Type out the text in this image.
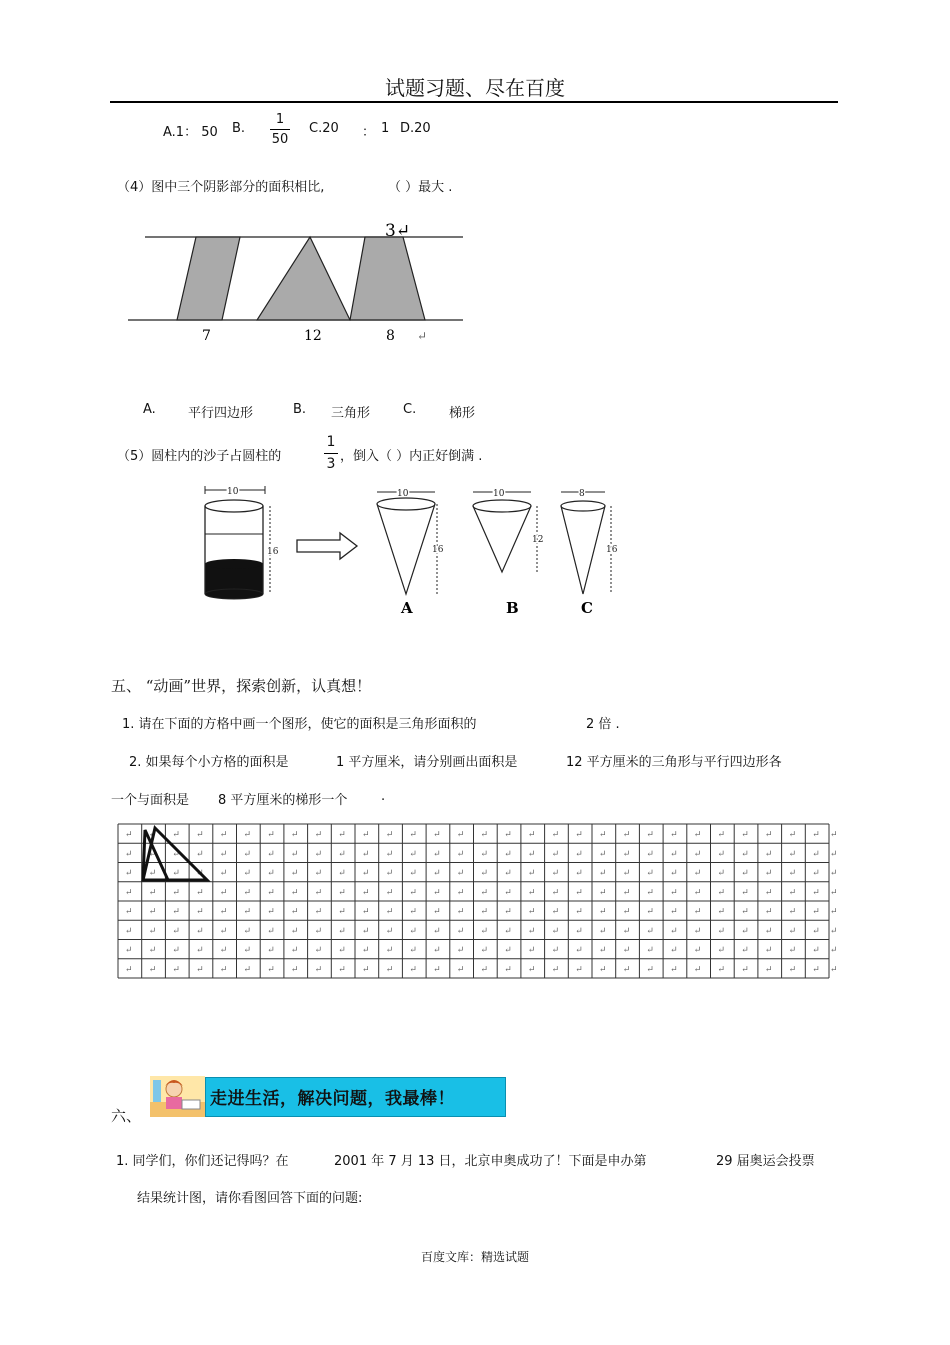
试题习题、尽在百度
A.1： 50 B.
1
50
C.20 ： 1 D.20
（4）图中三个阴影部分的面积相比,	（ ）最大 .
3↵
7	12	8 ↵
A. 平行四边形	B. 三角形	C.	梯形
（5）圆柱内的沙子占圆柱的
1
3 ，倒入（ ）内正好倒满 .
10
16
10
16
A
10
12
B
8
16
C
五、 “动画”世界，探索创新，认真想！
1. 请在下面的方格中画一个图形，使它的面积是三角形面积的	2 倍 .
2. 如果每个小方格的面积是	1 平方厘米，请分别画出面积是	12 平方厘米的三角形与平行四边形各
一个与面积是 8 平方厘米的梯形一个	.
↵ ↵ ↵ ↵ ↵ ↵ ↵ ↵ ↵ ↵ ↵ ↵ ↵ ↵ ↵ ↵ ↵ ↵ ↵ ↵ ↵ ↵ ↵ ↵ ↵ ↵ ↵ ↵ ↵ ↵ ↵
↵ ↵ ↵ ↵ ↵ ↵ ↵ ↵ ↵ ↵ ↵ ↵ ↵ ↵ ↵ ↵ ↵ ↵ ↵ ↵ ↵ ↵ ↵ ↵ ↵ ↵ ↵ ↵ ↵ ↵ ↵
↵ ↵ ↵ ↵ ↵ ↵ ↵ ↵ ↵ ↵ ↵ ↵ ↵ ↵ ↵ ↵ ↵ ↵ ↵ ↵ ↵ ↵ ↵ ↵ ↵ ↵ ↵ ↵ ↵ ↵ ↵
↵ ↵ ↵ ↵ ↵ ↵ ↵ ↵ ↵ ↵ ↵ ↵ ↵ ↵ ↵ ↵ ↵ ↵ ↵ ↵ ↵ ↵ ↵ ↵ ↵ ↵ ↵ ↵ ↵ ↵ ↵
↵ ↵ ↵ ↵ ↵ ↵ ↵ ↵ ↵ ↵ ↵ ↵ ↵ ↵ ↵ ↵ ↵ ↵ ↵ ↵ ↵ ↵ ↵ ↵ ↵ ↵ ↵ ↵ ↵ ↵ ↵
↵ ↵ ↵ ↵ ↵ ↵ ↵ ↵ ↵ ↵ ↵ ↵ ↵ ↵ ↵ ↵ ↵ ↵ ↵ ↵ ↵ ↵ ↵ ↵ ↵ ↵ ↵ ↵ ↵ ↵ ↵
↵ ↵ ↵ ↵ ↵ ↵ ↵ ↵ ↵ ↵ ↵ ↵ ↵ ↵ ↵ ↵ ↵ ↵ ↵ ↵ ↵ ↵ ↵ ↵ ↵ ↵ ↵ ↵ ↵ ↵ ↵
↵ ↵ ↵ ↵ ↵ ↵ ↵ ↵ ↵ ↵ ↵ ↵ ↵ ↵ ↵ ↵ ↵ ↵ ↵ ↵ ↵ ↵ ↵ ↵ ↵ ↵ ↵ ↵ ↵ ↵ ↵
六、
走进生活，解决问题，我最棒！
1. 同学们，你们还记得吗？在	2001 年 7 月 13 日，北京申奥成功了！下面是申办第	29 届奥运会投票
结果统计图，请你看图回答下面的问题:
百度文库：精选试题
